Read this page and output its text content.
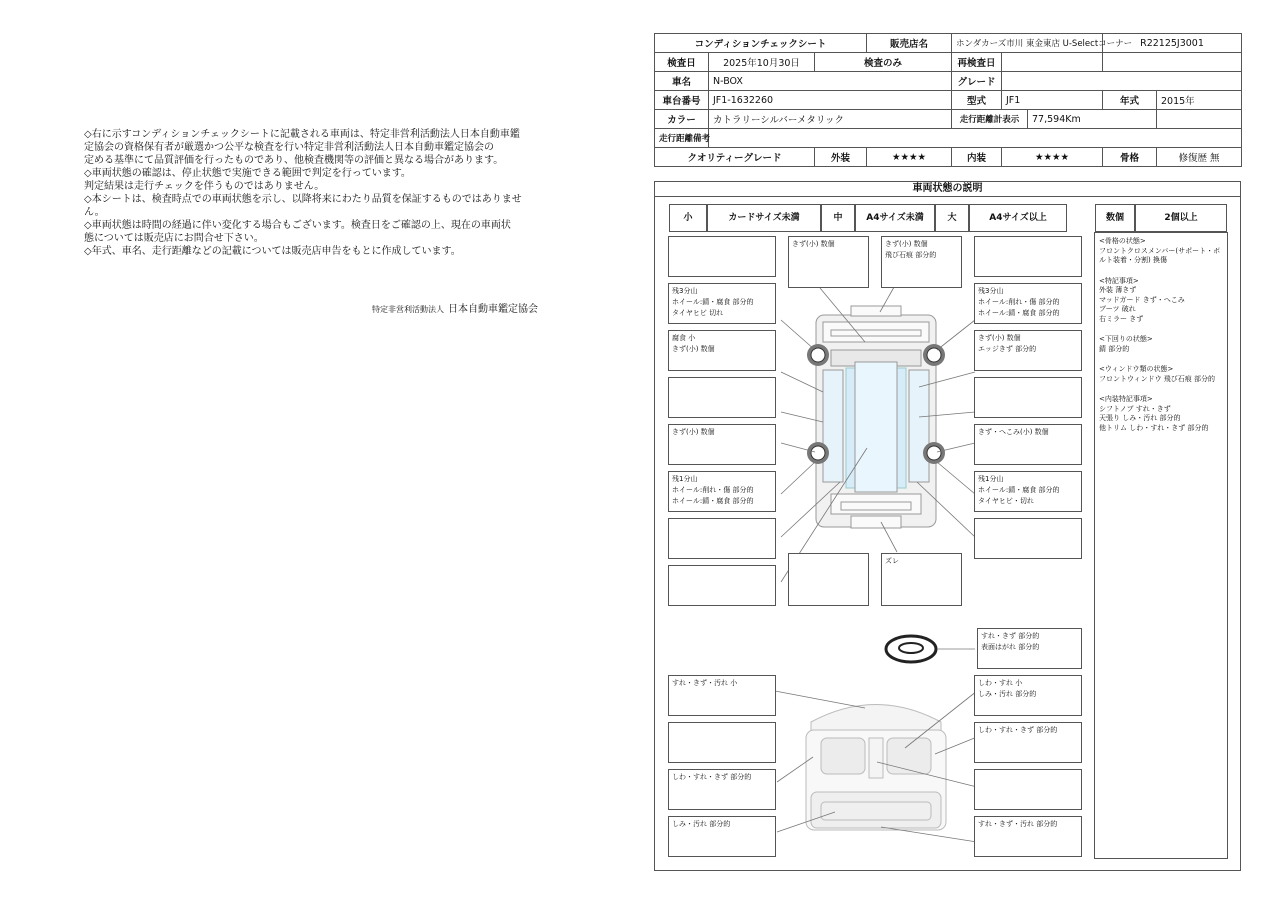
◇右に示すコンディションチェックシートに記載される車両は、特定非営利活動法人日本自動車鑑

定協会の資格保有者が厳選かつ公平な検査を行い特定非営利活動法人日本自動車鑑定協会の

定める基準にて品質評価を行ったものであり、他検査機関等の評価と異なる場合があります。

◇車両状態の確認は、停止状態で実施できる範囲で判定を行っています。

判定結果は走行チェックを伴うものではありません。

◇本シートは、検査時点での車両状態を示し、以降将来にわたり品質を保証するものではありませ

ん。

◇車両状態は時間の経過に伴い変化する場合もございます。検査日をご確認の上、現在の車両状

態については販売店にお問合せ下さい。

◇年式、車名、走行距離などの記載については販売店申告をもとに作成しています。

特定非営利活動法人 日本自動車鑑定協会
コンディションチェックシート			販売店名	ホンダカーズ市川 東金東店 U-Selectコーナー			R22125J3001	
検査日	2025年10月30日	検査のみ		再検査日				
車名	N-BOX			グレード				
車台番号	JF1-1632260			型式	JF1		年式	2015年
カラー	カトラリーシルバーメタリック			走行距離計表示		77,594Km		
走行距離備考								
クオリティーグレード		外装	★★★★	内装	★★★★		骨格	修復歴 無
車両状態の説明
小	カードサイズ未満	中	A4サイズ未満	大	A4サイズ以上	数個	2個以上
きず(小) 数個	きず(小) 数個
飛び石痕 部分的
残3分山
ホイール:錆・腐食 部分的
タイヤヒビ 切れ
残3分山
ホイール:削れ・傷 部分的
ホイール:錆・腐食 部分的
腐食 小
きず(小) 数個
きず(小) 数個
エッジきず 部分的
きず(小) 数個	きず・へこみ(小) 数個
残1分山
ホイール:削れ・傷 部分的
ホイール:錆・腐食 部分的
残1分山
ホイール:錆・腐食 部分的
タイヤヒビ・切れ
ズレ
すれ・きず 部分的
表面はがれ 部分的
すれ・きず・汚れ 小	しわ・すれ 小
しみ・汚れ 部分的
しわ・すれ・きず 部分的
しわ・すれ・きず 部分的
しみ・汚れ 部分的	すれ・きず・汚れ 部分的
<骨格の状態>
フロントクロスメンバー(サポート・ボ
ルト装着・分割) 換傷
<特記事項>
外装 薄きず
マッドガード きず・へこみ
ブーツ 破れ
右ミラー きず
<下回りの状態>
錆 部分的
<ウィンドウ類の状態>
フロントウィンドウ 飛び石痕 部分的
<内装特記事項>
シフトノブ すれ・きず
天張り しみ・汚れ 部分的
他トリム しわ・すれ・きず 部分的
